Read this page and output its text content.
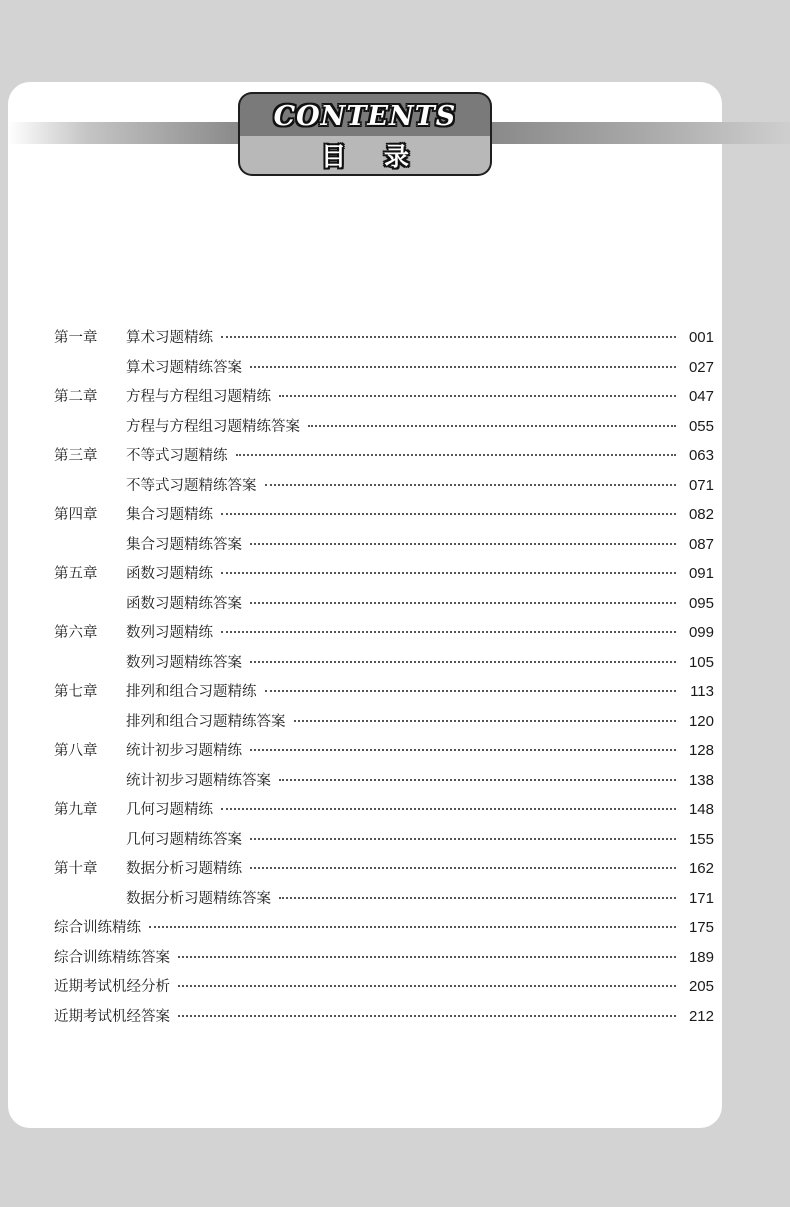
CONTENTS
目录
第一章	算术习题精练	001
算术习题精练答案	027
第二章	方程与方程组习题精练	047
方程与方程组习题精练答案	055
第三章	不等式习题精练	063
不等式习题精练答案	071
第四章	集合习题精练	082
集合习题精练答案	087
第五章	函数习题精练	091
函数习题精练答案	095
第六章	数列习题精练	099
数列习题精练答案	105
第七章	排列和组合习题精练	113
排列和组合习题精练答案	120
第八章	统计初步习题精练	128
统计初步习题精练答案	138
第九章	几何习题精练	148
几何习题精练答案	155
第十章	数据分析习题精练	162
数据分析习题精练答案	171
综合训练精练	175
综合训练精练答案	189
近期考试机经分析	205
近期考试机经答案	212
